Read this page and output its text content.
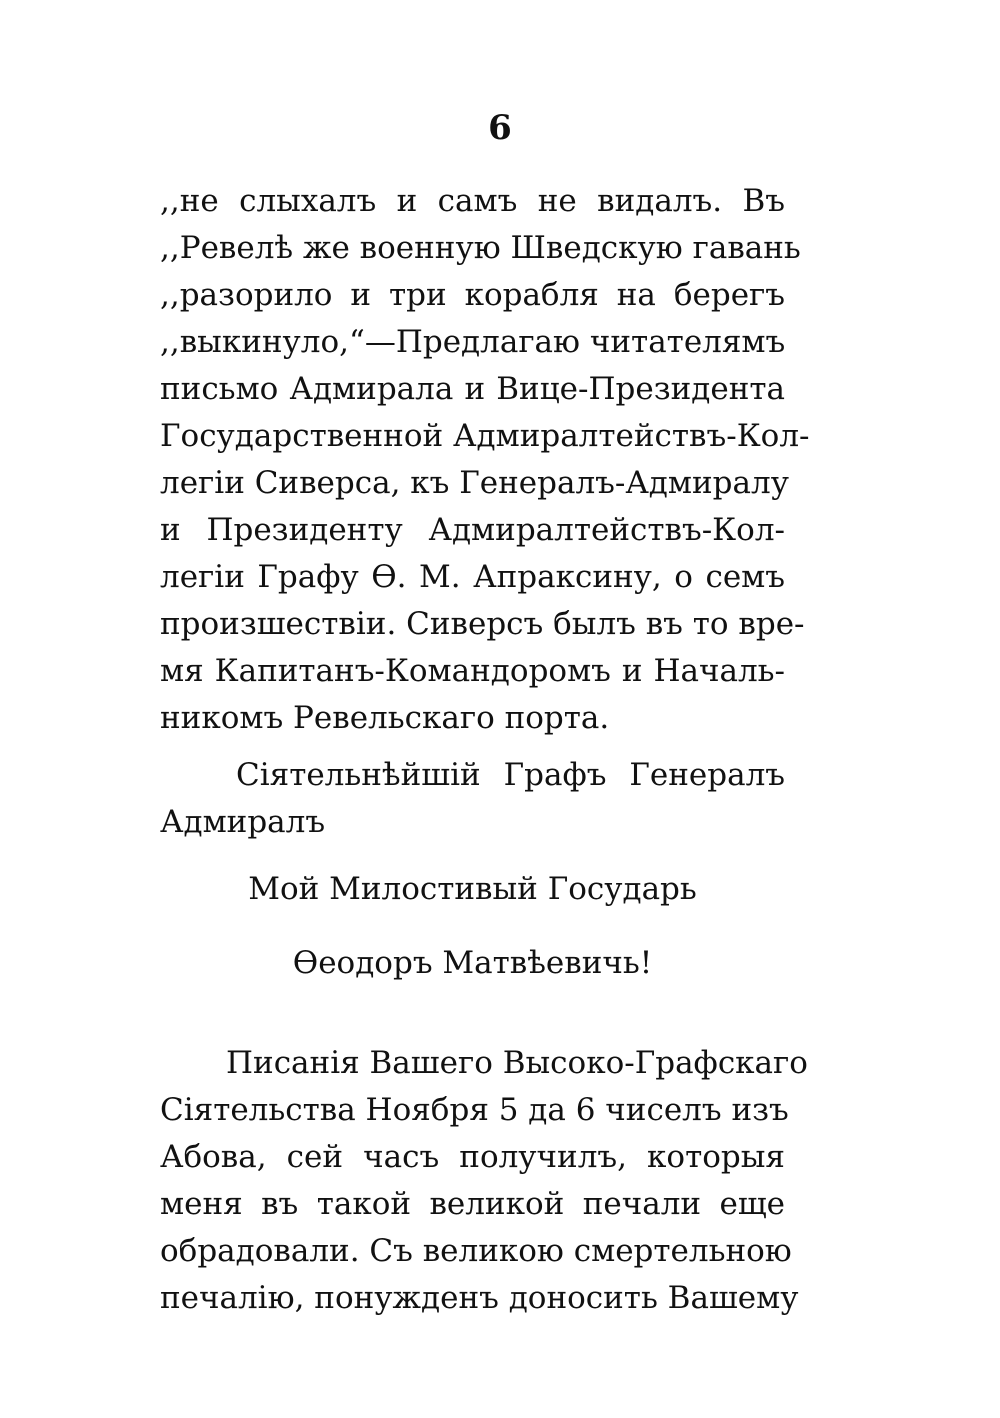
6
,,не слыхалъ и самъ не видалъ. Въ
,,Ревелѣ же военную Шведскую гавань
,,разорило и три корабля на берегъ
,,выкинуло,“—Предлагаю читателямъ
письмо Адмирала и Вице-Президента
Государственной Адмиралтействъ-Кол-
легіи Сиверса, къ Генералъ-Адмиралу
и Президенту Адмиралтействъ-Кол-
легіи Графу Ѳ. М. Апраксину, о семъ
произшествіи. Сиверсъ былъ въ то вре-
мя Капитанъ-Командоромъ и Началь-
никомъ Ревельскаго порта.
Сіятельнѣйшій Графъ Генералъ
Адмиралъ
Мой Милостивый Государь
Ѳеодоръ Матвѣевичь!
Писанія Вашего Высоко-Графскаго
Сіятельства Ноября 5 да 6 чиселъ изъ
Абова, сей часъ получилъ, которыя
меня въ такой великой печали еще
обрадовали. Съ великою смертельною
печалію, понужденъ доносить Вашему
